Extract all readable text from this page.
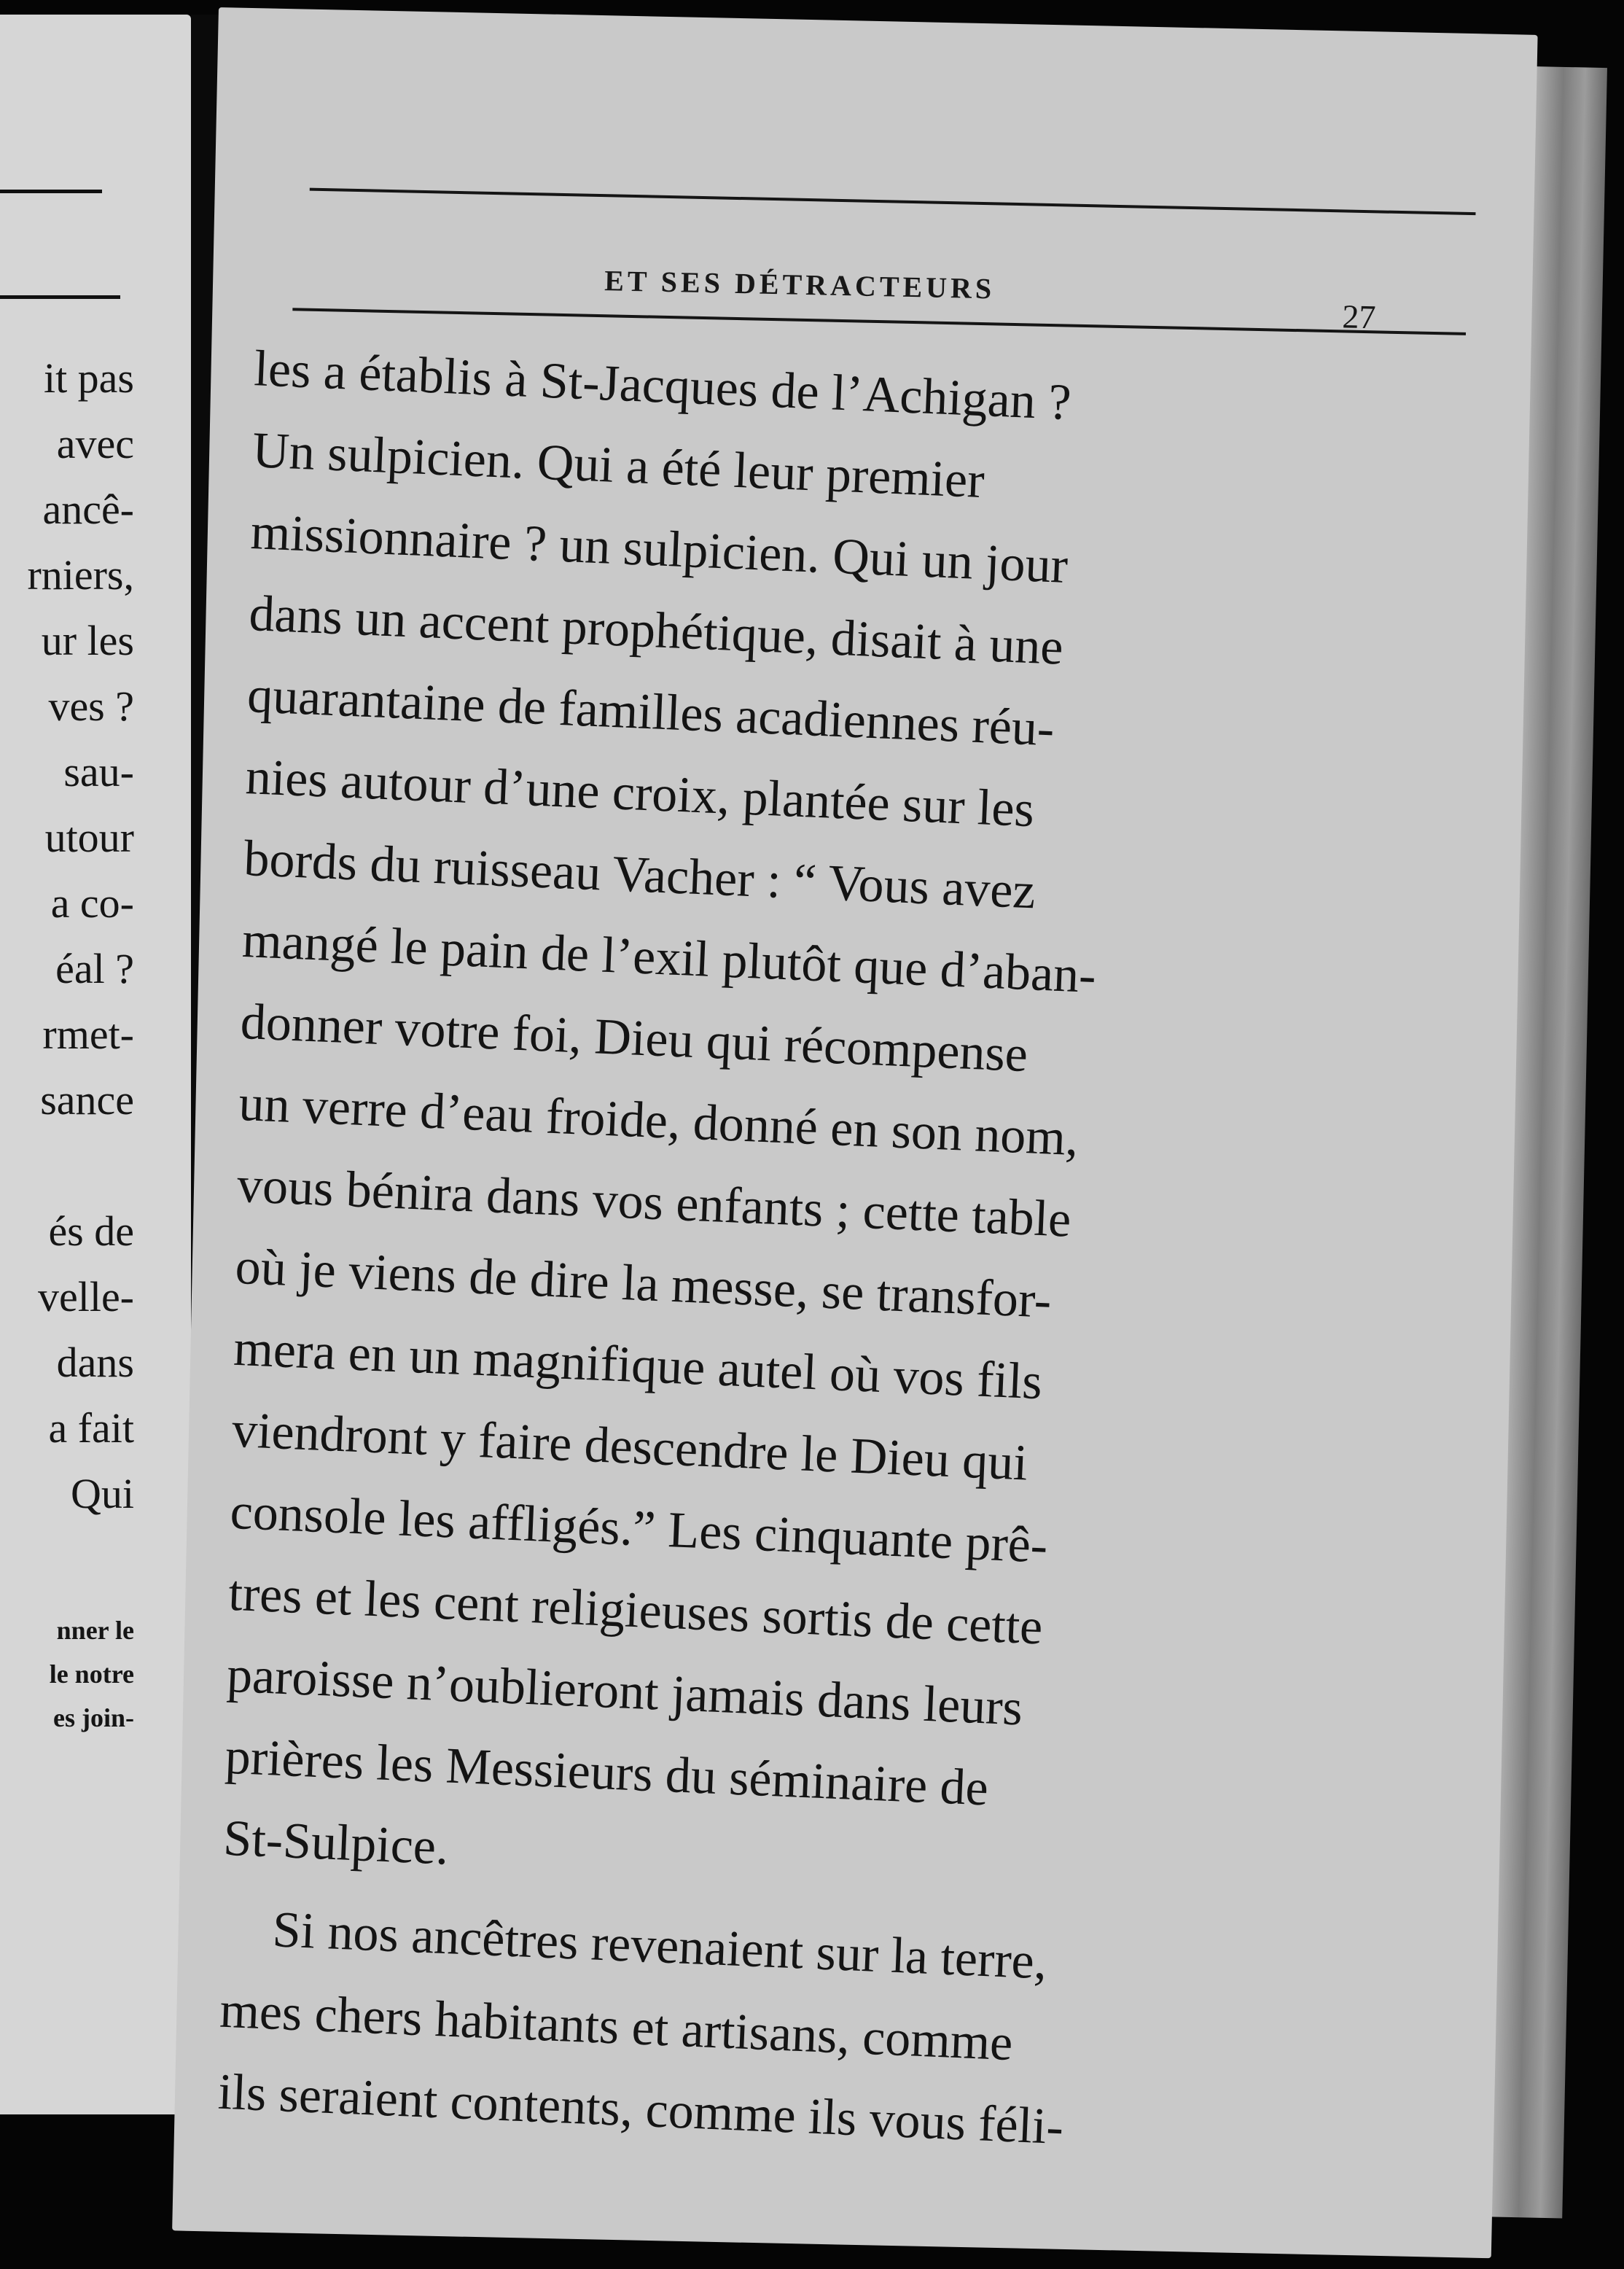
it pas
avec
ancê-
rniers,
ur les
ves ?
sau-
utour
a co-
éal ?
rmet-
sance
és de
velle-
dans
a fait
Qui
nner le
le notre
es join-
ET SES DÉTRACTEURS
27
les a établis à St-Jacques de l’Achigan ?
Un sulpicien. Qui a été leur premier
missionnaire ? un sulpicien. Qui un jour
dans un accent prophétique, disait à une
quarantaine de familles acadiennes réu-
nies autour d’une croix, plantée sur les
bords du ruisseau Vacher : “ Vous avez
mangé le pain de l’exil plutôt que d’aban-
donner votre foi, Dieu qui récompense
un verre d’eau froide, donné en son nom,
vous bénira dans vos enfants ; cette table
où je viens de dire la messe, se transfor-
mera en un magnifique autel où vos fils
viendront y faire descendre le Dieu qui
console les affligés.” Les cinquante prê-
tres et les cent religieuses sortis de cette
paroisse n’oublieront jamais dans leurs
prières les Messieurs du séminaire de
St-Sulpice.
Si nos ancêtres revenaient sur la terre,
mes chers habitants et artisans, comme
ils seraient contents, comme ils vous féli-
